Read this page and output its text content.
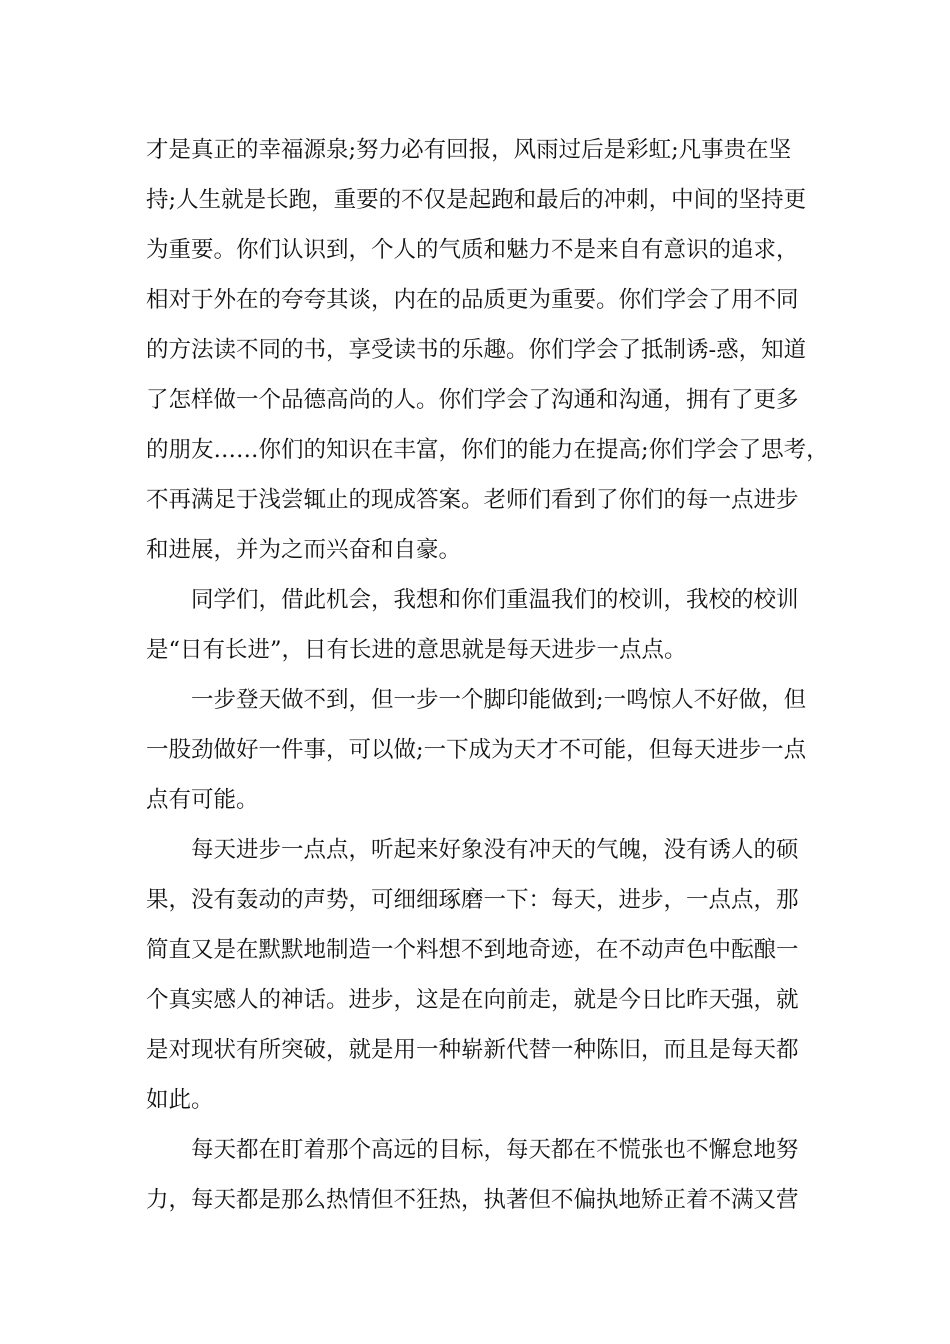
才是真正的幸福源泉;努力必有回报，风雨过后是彩虹;凡事贵在坚
持;人生就是长跑，重要的不仅是起跑和最后的冲刺，中间的坚持更
为重要。你们认识到，个人的气质和魅力不是来自有意识的追求，
相对于外在的夸夸其谈，内在的品质更为重要。你们学会了用不同
的方法读不同的书，享受读书的乐趣。你们学会了抵制诱-惑，知道
了怎样做一个品德高尚的人。你们学会了沟通和沟通，拥有了更多
的朋友……你们的知识在丰富，你们的能力在提高;你们学会了思考，
不再满足于浅尝辄止的现成答案。老师们看到了你们的每一点进步
和进展，并为之而兴奋和自豪。
同学们，借此机会，我想和你们重温我们的校训，我校的校训
是“日有长进”，日有长进的意思就是每天进步一点点。
一步登天做不到，但一步一个脚印能做到;一鸣惊人不好做，但
一股劲做好一件事，可以做;一下成为天才不可能，但每天进步一点
点有可能。
每天进步一点点，听起来好象没有冲天的气魄，没有诱人的硕
果，没有轰动的声势，可细细琢磨一下：每天，进步，一点点，那
简直又是在默默地制造一个料想不到地奇迹，在不动声色中酝酿一
个真实感人的神话。进步，这是在向前走，就是今日比昨天强，就
是对现状有所突破，就是用一种崭新代替一种陈旧，而且是每天都
如此。
每天都在盯着那个高远的目标，每天都在不慌张也不懈怠地努
力，每天都是那么热情但不狂热，执著但不偏执地矫正着不满又营
